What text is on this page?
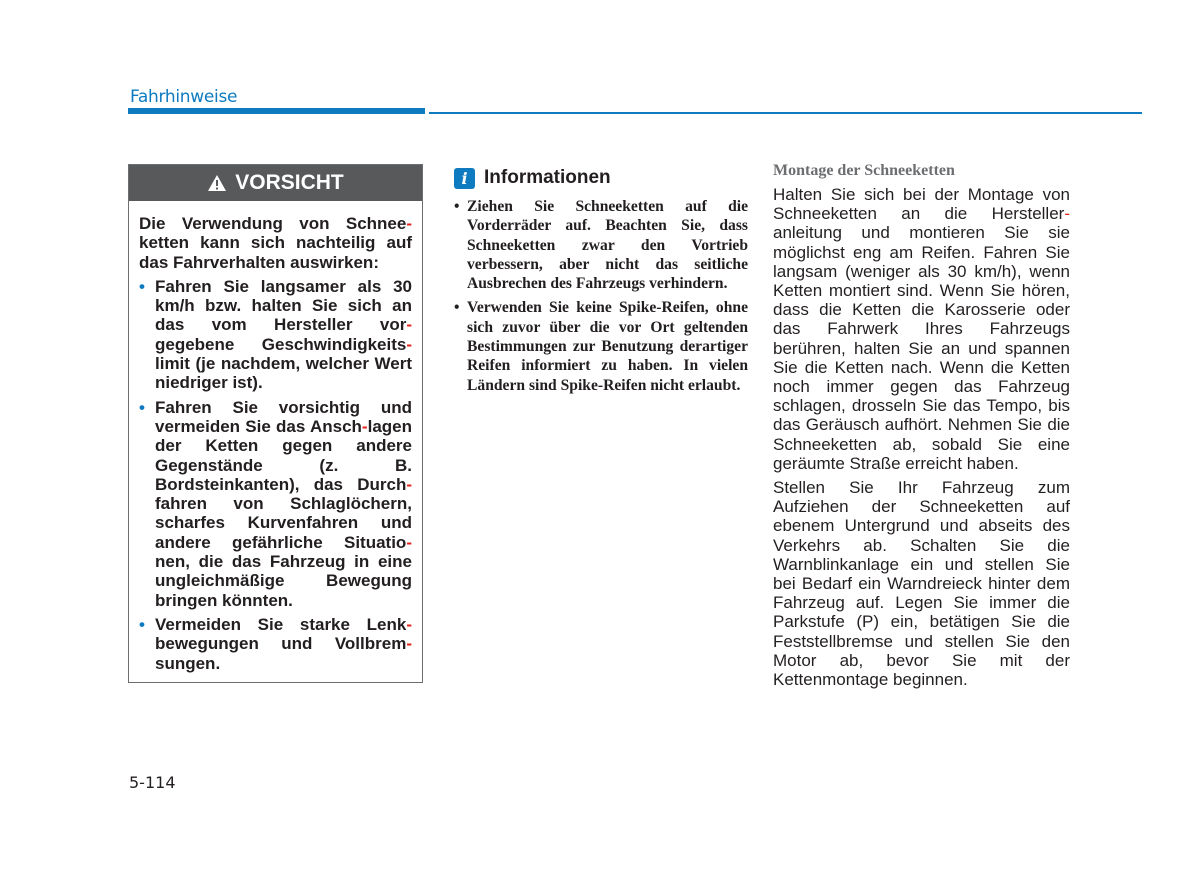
Fahrhinweise
VORSICHT
Die Verwendung von Schnee-ketten kann sich nachteilig auf das Fahrverhalten auswirken:
• Fahren Sie langsamer als 30 km/h bzw. halten Sie sich an das vom Hersteller vor-gegebene Geschwindigkeits-limit (je nachdem, welcher Wert niedriger ist).
• Fahren Sie vorsichtig und vermeiden Sie das Ansch-lagen der Ketten gegen andere Gegenstände (z. B. Bordsteinkanten), das Durch-fahren von Schlaglöchern, scharfes Kurvenfahren und andere gefährliche Situatio-nen, die das Fahrzeug in eine ungleichmäßige Bewegung bringen könnten.
• Vermeiden Sie starke Lenk-bewegungen und Vollbrem-sungen.
i Informationen
• Ziehen Sie Schneeketten auf die Vorderräder auf. Beachten Sie, dass Schneeketten zwar den Vortrieb verbessern, aber nicht das seitliche Ausbrechen des Fahrzeugs verhindern.
• Verwenden Sie keine Spike-Reifen, ohne sich zuvor über die vor Ort geltenden Bestimmungen zur Benutzung derartiger Reifen informiert zu haben. In vielen Ländern sind Spike-Reifen nicht erlaubt.
Montage der Schneeketten

Halten Sie sich bei der Montage von Schneeketten an die Hersteller-anleitung und montieren Sie sie möglichst eng am Reifen. Fahren Sie langsam (weniger als 30 km/h), wenn Ketten montiert sind. Wenn Sie hören, dass die Ketten die Karosserie oder das Fahrwerk Ihres Fahrzeugs berühren, halten Sie an und spannen Sie die Ketten nach. Wenn die Ketten noch immer gegen das Fahrzeug schlagen, drosseln Sie das Tempo, bis das Geräusch aufhört. Nehmen Sie die Schneeketten ab, sobald Sie eine geräumte Straße erreicht haben.

Stellen Sie Ihr Fahrzeug zum Aufziehen der Schneeketten auf ebenem Untergrund und abseits des Verkehrs ab. Schalten Sie die Warnblinkanlage ein und stellen Sie bei Bedarf ein Warndreieck hinter dem Fahrzeug auf. Legen Sie immer die Parkstufe (P) ein, betätigen Sie die Feststellbremse und stellen Sie den Motor ab, bevor Sie mit der Kettenmontage beginnen.

5-114
